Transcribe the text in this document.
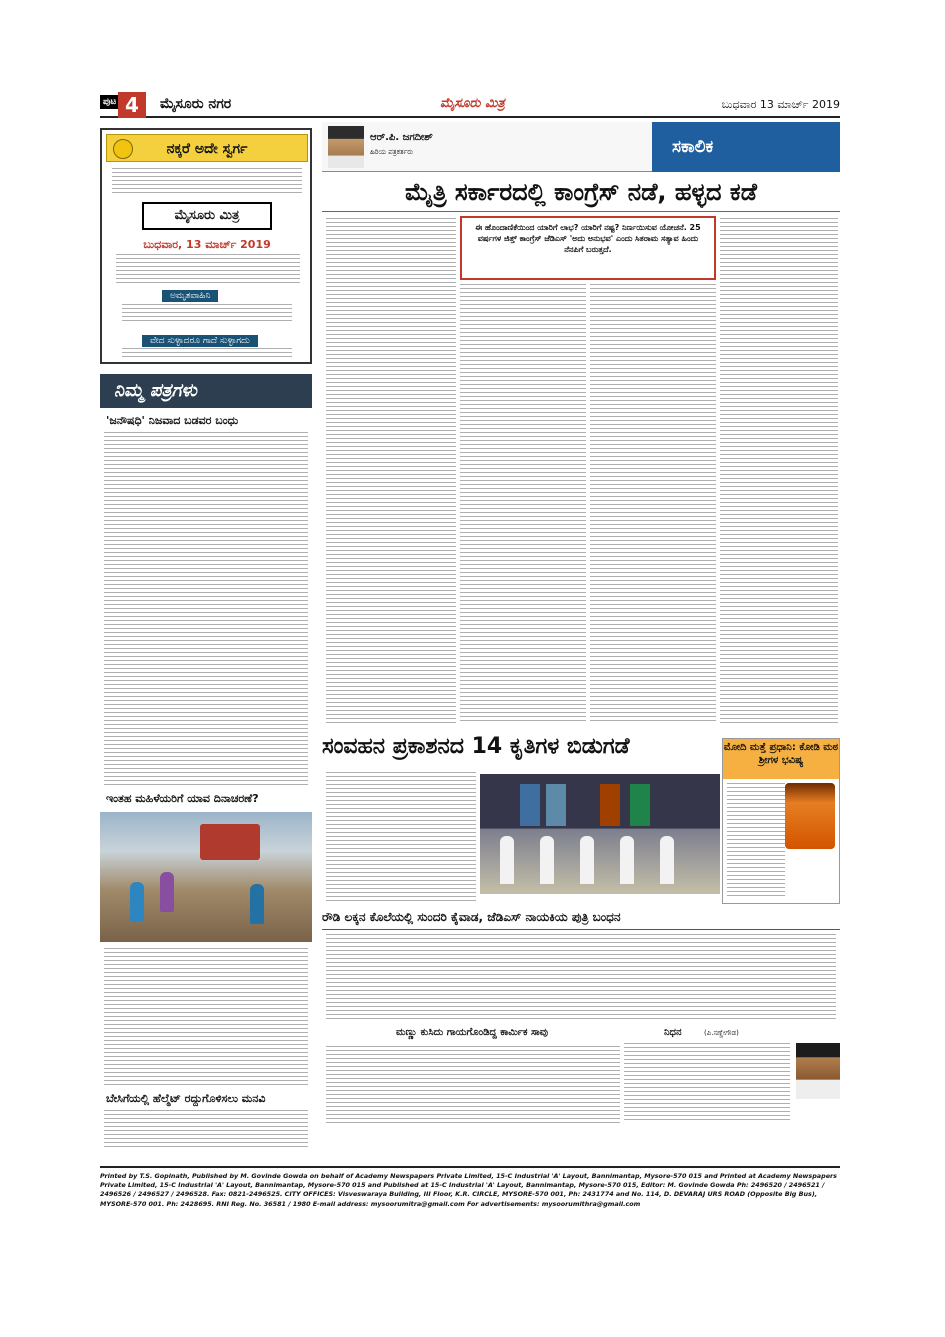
ಪುಟ 4	ಮೈಸೂರು ನಗರ	ಮೈಸೂರು ಮಿತ್ರ	ಬುಧವಾರ 13 ಮಾರ್ಚ್ 2019
ನಕ್ಕರೆ ಅದೇ ಸ್ವರ್ಗ
ಮೈಸೂರು ಮಿತ್ರ
ಬುಧವಾರ, 13 ಮಾರ್ಚ್ 2019
ಅಮೃತವಾಹಿನಿ
ವೇದ ಸುಳ್ಳಾದರೂ ಗಾದೆ ಸುಳ್ಳಾಗದು
ನಿಮ್ಮ ಪತ್ರಗಳು
'ಜನೌಷಧಿ' ನಿಜವಾದ ಬಡವರ ಬಂಧು
ಇಂತಹ ಮಹಿಳೆಯರಿಗೆ ಯಾವ ದಿನಾಚರಣೆ?
ಬೇಸಿಗೆಯಲ್ಲಿ ಹೆಲ್ಮೆಟ್ ರದ್ದುಗೊಳಿಸಲು ಮನವಿ
ಆರ್.ಪಿ. ಜಗದೀಶ್
ಹಿರಿಯ ಪತ್ರಕರ್ತರು	ಸಕಾಲಿಕ
ಮೈತ್ರಿ ಸರ್ಕಾರದಲ್ಲಿ ಕಾಂಗ್ರೆಸ್ ನಡೆ, ಹಳ್ಳದ ಕಡೆ
ಈ ಹೊಂದಾಣಿಕೆಯಿಂದ ಯಾರಿಗೆ ಲಾಭ? ಯಾರಿಗೆ ನಷ್ಟ? ನಿರ್ಣಯಿಸುವ ಯೋಚನೆ. 25 ವರ್ಷಗಳ ಜಿತ್ತ್ ಕಾಂಗ್ರೆಸ್ ಜೆಡಿಎಸ್ 'ಅದು ಅನುಭವ' ಎಂದು ಸಿತರಾಮ ಸತ್ಯಾವ ಹಿಂದು ನೆನಪಿಗೆ ಬರುತ್ತದೆ.
ಸಂವಹನ ಪ್ರಕಾಶನದ 14 ಕೃತಿಗಳ ಬಿಡುಗಡೆ	ಮೋದಿ ಮತ್ತೆ ಪ್ರಧಾನಿ: ಕೋಡಿ ಮಠ ಶ್ರೀಗಳ ಭವಿಷ್ಯ
ರೌಡಿ ಲಕ್ಕನ ಕೊಲೆಯಲ್ಲಿ ಸುಂದರಿ ಕೈವಾಡ, ಜೆಡಿಎಸ್ ನಾಯಕಿಯ ಪುತ್ರಿ ಬಂಧನ
ಮಣ್ಣು ಕುಸಿದು ಗಾಯಗೊಂಡಿದ್ದ ಕಾರ್ಮಿಕ ಸಾವು	ನಿಧನ	(ಪಿ.ಸಣ್ಣೇಗೌಡ)
Printed by T.S. Gopinath, Published by M. Govinde Gowda on behalf of Academy Newspapers Private Limited, 15-C Industrial 'A' Layout, Bannimantap, Mysore-570 015 and Printed at Academy Newspapers Private Limited, 15-C Industrial 'A' Layout, Bannimantap, Mysore-570 015 and Published at 15-C Industrial 'A' Layout, Bannimantap, Mysore-570 015, Editor: M. Govinde Gowda Ph: 2496520 / 2496521 / 2496526 / 2496527 / 2496528. Fax: 0821-2496525. CITY OFFICES: Visveswaraya Building, III Floor, K.R. CIRCLE, MYSORE-570 001, Ph: 2431774 and No. 114, D. DEVARAJ URS ROAD (Opposite Big Bus), MYSORE-570 001. Ph: 2428695. RNI Reg. No. 36581 / 1980 E-mail address: mysoorumitra@gmail.com For advertisements: mysoorumithra@gmail.com
